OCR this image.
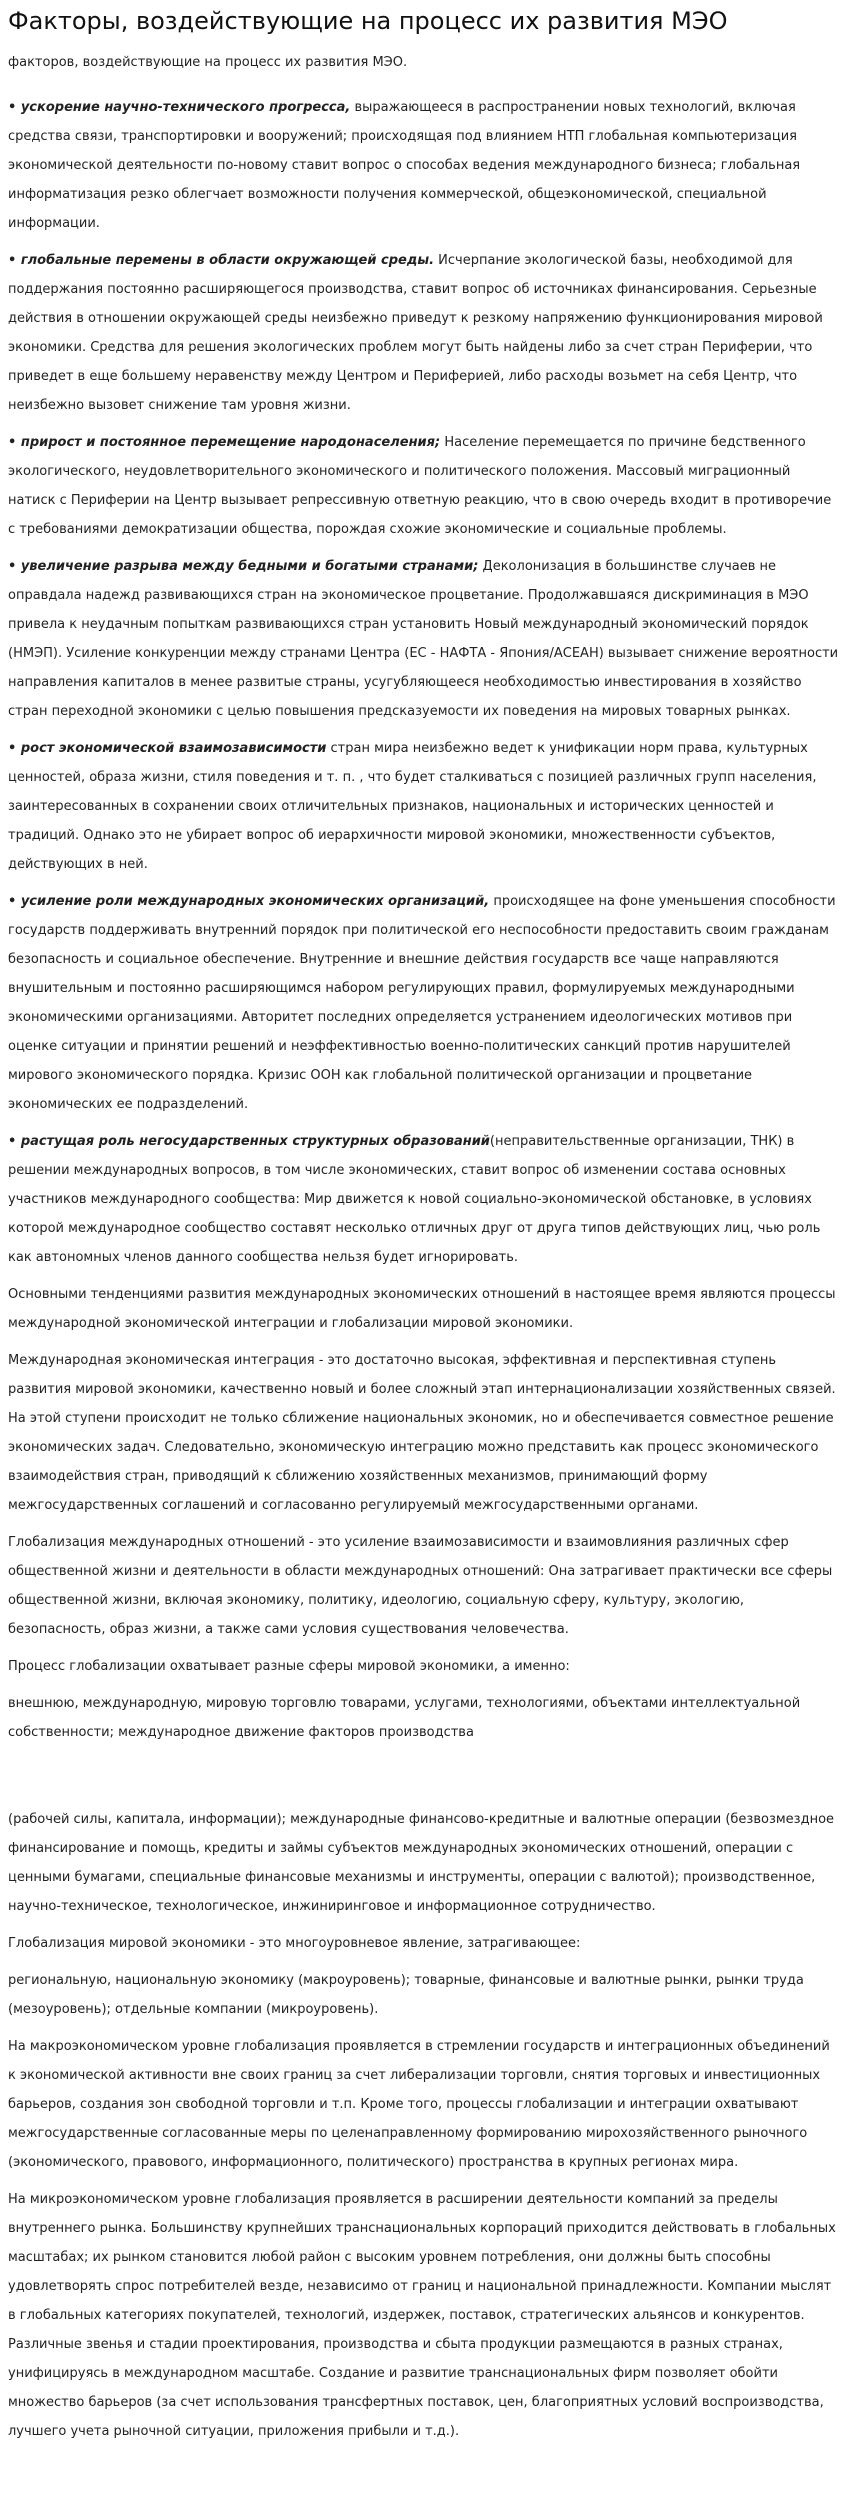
Факторы, воздействующие на процесс их развития МЭО

факторов, воздействующие на процесс их развития МЭО.

• ускорение научно-технического прогресса, выражающееся в распространении новых технологий, включая средства связи, транспортировки и вооружений; происходящая под влиянием НТП глобальная компьютеризация экономической деятельности по-новому ставит вопрос о способах ведения международного бизнеса; глобальная информатизация резко облегчает возможности получения коммерческой, общеэкономической, специальной информации.

• глобальные перемены в области окружающей среды. Исчерпание экологической базы, необходимой для поддержания постоянно расширяющегося производства, ставит вопрос об источниках финансирования. Серьезные действия в отношении окружающей среды неизбежно приведут к резкому напряжению функционирования мировой экономики. Средства для решения экологических проблем могут быть найдены либо за счет стран Периферии, что приведет в еще большему неравенству между Центром и Периферией, либо расходы возьмет на себя Центр, что неизбежно вызовет снижение там уровня жизни.

• прирост и постоянное перемещение народонаселения; Население перемещается по причине бедственного экологического, неудовлетворительного экономического и политического положения. Массовый миграционный натиск с Периферии на Центр вызывает репрессивную ответную реакцию, что в свою очередь входит в противоречие с требованиями демократизации общества, порождая схожие экономические и социальные проблемы.

• увеличение разрыва между бедными и богатыми странами; Деколонизация в большинстве случаев не оправдала надежд развивающихся стран на экономическое процветание. Продолжавшаяся дискриминация в МЭО привела к неудачным попыткам развивающихся стран установить Новый международный экономический порядок (НМЭП). Усиление конкуренции между странами Центра (ЕС - НАФТА - Япония/АСЕАН) вызывает снижение вероятности направления капиталов в менее развитые страны, усугубляющееся необходимостью инвестирования в хозяйство стран переходной экономики с целью повышения предсказуемости их поведения на мировых товарных рынках.

• рост экономической взаимозависимости стран мира неизбежно ведет к унификации норм права, культурных ценностей, образа жизни, стиля поведения и т. п. , что будет сталкиваться с позицией различных групп населения, заинтересованных в сохранении своих отличительных признаков, национальных и исторических ценностей и традиций. Однако это не убирает вопрос об иерархичности мировой экономики, множественности субъектов, действующих в ней.

• усиление роли международных экономических организаций, происходящее на фоне уменьшения способности государств поддерживать внутренний порядок при политической его неспособности предоставить своим гражданам безопасность и социальное обеспечение. Внутренние и внешние действия государств все чаще направляются внушительным и постоянно расширяющимся набором регулирующих правил, формулируемых международными экономическими организациями. Авторитет последних определяется устранением идеологических мотивов при оценке ситуации и принятии решений и неэффективностью военно-политических санкций против нарушителей мирового экономического порядка. Кризис ООН как глобальной политической организации и процветание экономических ее подразделений.

• растущая роль негосударственных структурных образований(неправительственные организации, ТНК) в решении международных вопросов, в том числе экономических, ставит вопрос об изменении состава основных участников международного сообщества: Мир движется к новой социально-экономической обстановке, в условиях которой международное сообщество составят несколько отличных друг от друга типов действующих лиц, чью роль как автономных членов данного сообщества нельзя будет игнорировать.

Основными тенденциями развития международных экономических отношений в настоящее время являются процессы международной экономической интеграции и глобализации мировой экономики.

Международная экономическая интеграция - это достаточно высокая, эффективная и перспективная ступень развития мировой экономики, качественно новый и более сложный этап интернационализации хозяйственных связей. На этой ступени происходит не только сближение национальных экономик, но и обеспечивается совместное решение экономических задач. Следовательно, экономическую интеграцию можно представить как процесс экономического взаимодействия стран, приводящий к сближению хозяйственных механизмов, принимающий форму межгосударственных соглашений и согласованно регулируемый межгосударственными органами.

Глобализация международных отношений - это усиление взаимозависимости и взаимовлияния различных сфер общественной жизни и деятельности в области международных отношений: Она затрагивает практически все сферы общественной жизни, включая экономику, политику, идеологию, социальную сферу, культуру, экологию, безопасность, образ жизни, а также сами условия существования человечества.

Процесс глобализации охватывает разные сферы мировой экономики, а именно:

внешнюю, международную, мировую торговлю товарами, услугами, технологиями, объектами интеллектуальной собственности; международное движение факторов производства

(рабочей силы, капитала, информации); международные финансово-кредитные и валютные операции (безвозмездное финансирование и помощь, кредиты и займы субъектов международных экономических отношений, операции с ценными бумагами, специальные финансовые механизмы и инструменты, операции с валютой); производственное, научно-техническое, технологическое, инжиниринговое и информационное сотрудничество.

Глобализация мировой экономики - это многоуровневое явление, затрагивающее:

региональную, национальную экономику (макроуровень); товарные, финансовые и валютные рынки, рынки труда (мезоуровень); отдельные компании (микроуровень).

На макроэкономическом уровне глобализация проявляется в стремлении государств и интеграционных объединений к экономической активности вне своих границ за счет либерализации торговли, снятия торговых и инвестиционных барьеров, создания зон свободной торговли и т.п. Кроме того, процессы глобализации и интеграции охватывают межгосударственные согласованные меры по целенаправленному формированию мирохозяйственного рыночного (экономического, правового, информационного, политического) пространства в крупных регионах мира.

На микроэкономическом уровне глобализация проявляется в расширении деятельности компаний за пределы внутреннего рынка. Большинству крупнейших транснациональных корпораций приходится действовать в глобальных масштабах; их рынком становится любой район с высоким уровнем потребления, они должны быть способны удовлетворять спрос потребителей везде, независимо от границ и национальной принадлежности. Компании мыслят в глобальных категориях покупателей, технологий, издержек, поставок, стратегических альянсов и конкурентов. Различные звенья и стадии проектирования, производства и сбыта продукции размещаются в разных странах, унифицируясь в международном масштабе. Создание и развитие транснациональных фирм позволяет обойти множество барьеров (за счет использования трансфертных поставок, цен, благоприятных условий воспроизводства, лучшего учета рыночной ситуации, приложения прибыли и т.д.).
